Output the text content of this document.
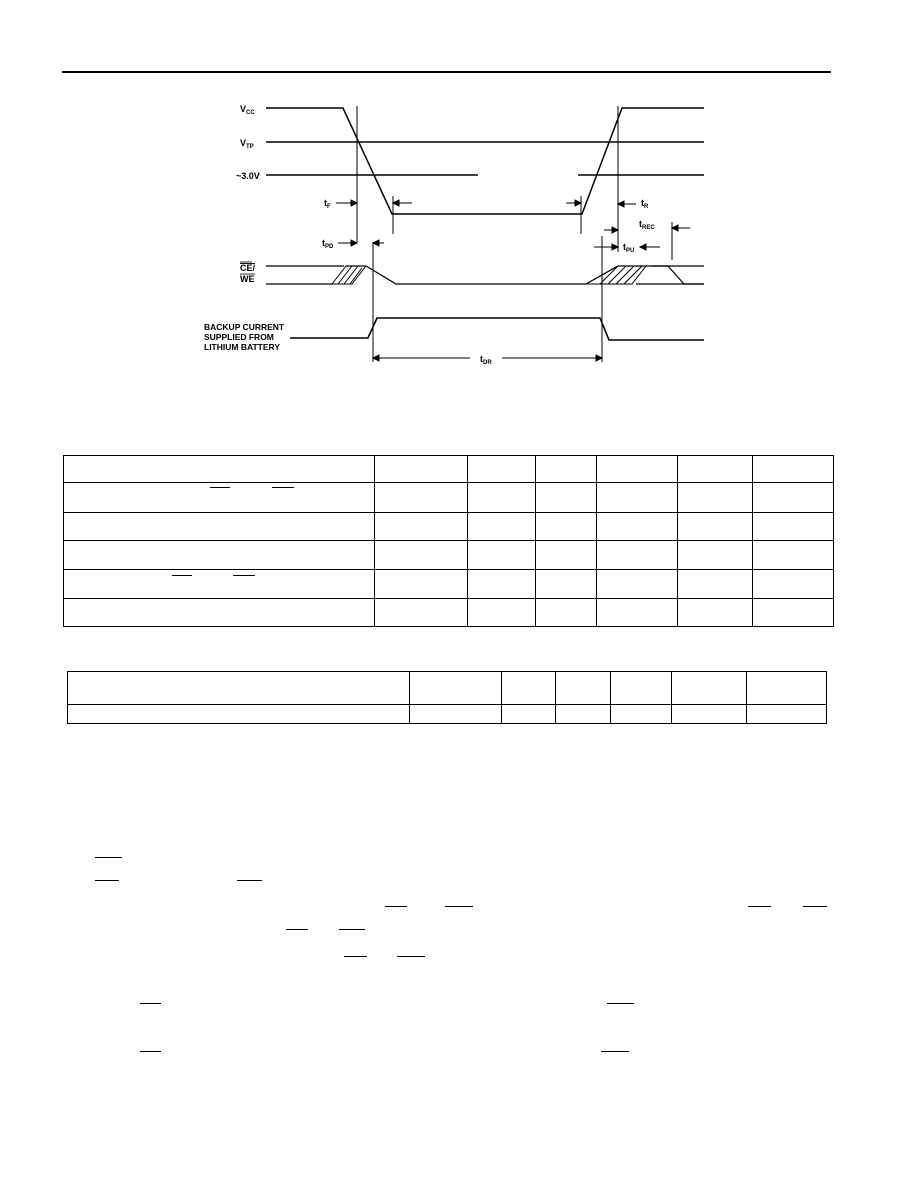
$V_{CC}$
$V_{TP}$
~3.0V
CE/
WE
BACKUP CURRENT
SUPPLIED FROM
LITHIUM BATTERY
$t_F$	$t_R$
$t_{REC}$
$t_{PD}$	$t_{PU}$
$t_{DR}$
